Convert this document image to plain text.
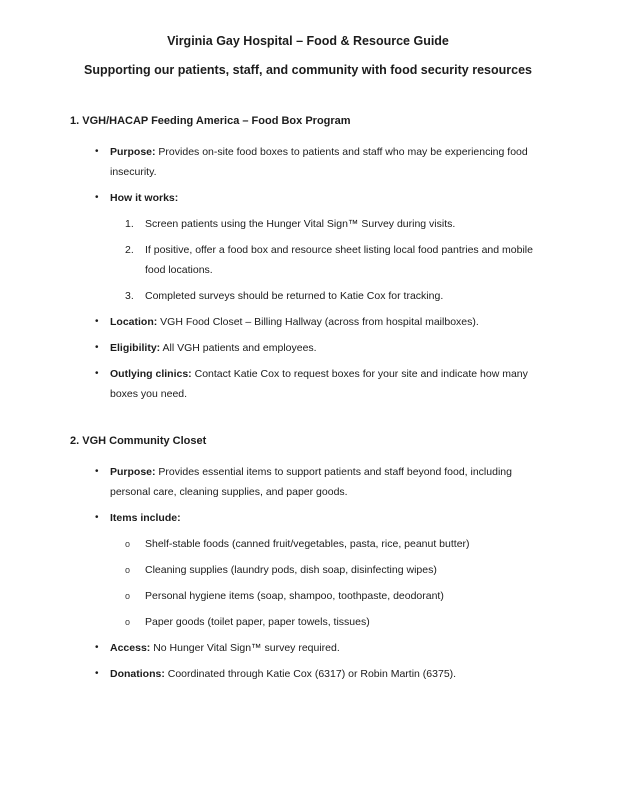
Virginia Gay Hospital – Food & Resource Guide
Supporting our patients, staff, and community with food security resources
1. VGH/HACAP Feeding America – Food Box Program
•	Purpose: Provides on-site food boxes to patients and staff who may be experiencing food insecurity.
•	How it works:
1.	Screen patients using the Hunger Vital Sign™ Survey during visits.
2.	If positive, offer a food box and resource sheet listing local food pantries and mobile food locations.
3.	Completed surveys should be returned to Katie Cox for tracking.
•	Location: VGH Food Closet – Billing Hallway (across from hospital mailboxes).
•	Eligibility: All VGH patients and employees.
•	Outlying clinics: Contact Katie Cox to request boxes for your site and indicate how many boxes you need.
2. VGH Community Closet
•	Purpose: Provides essential items to support patients and staff beyond food, including personal care, cleaning supplies, and paper goods.
•	Items include:
o	Shelf-stable foods (canned fruit/vegetables, pasta, rice, peanut butter)
o	Cleaning supplies (laundry pods, dish soap, disinfecting wipes)
o	Personal hygiene items (soap, shampoo, toothpaste, deodorant)
o	Paper goods (toilet paper, paper towels, tissues)
•	Access: No Hunger Vital Sign™ survey required.
•	Donations: Coordinated through Katie Cox (6317) or Robin Martin (6375).
